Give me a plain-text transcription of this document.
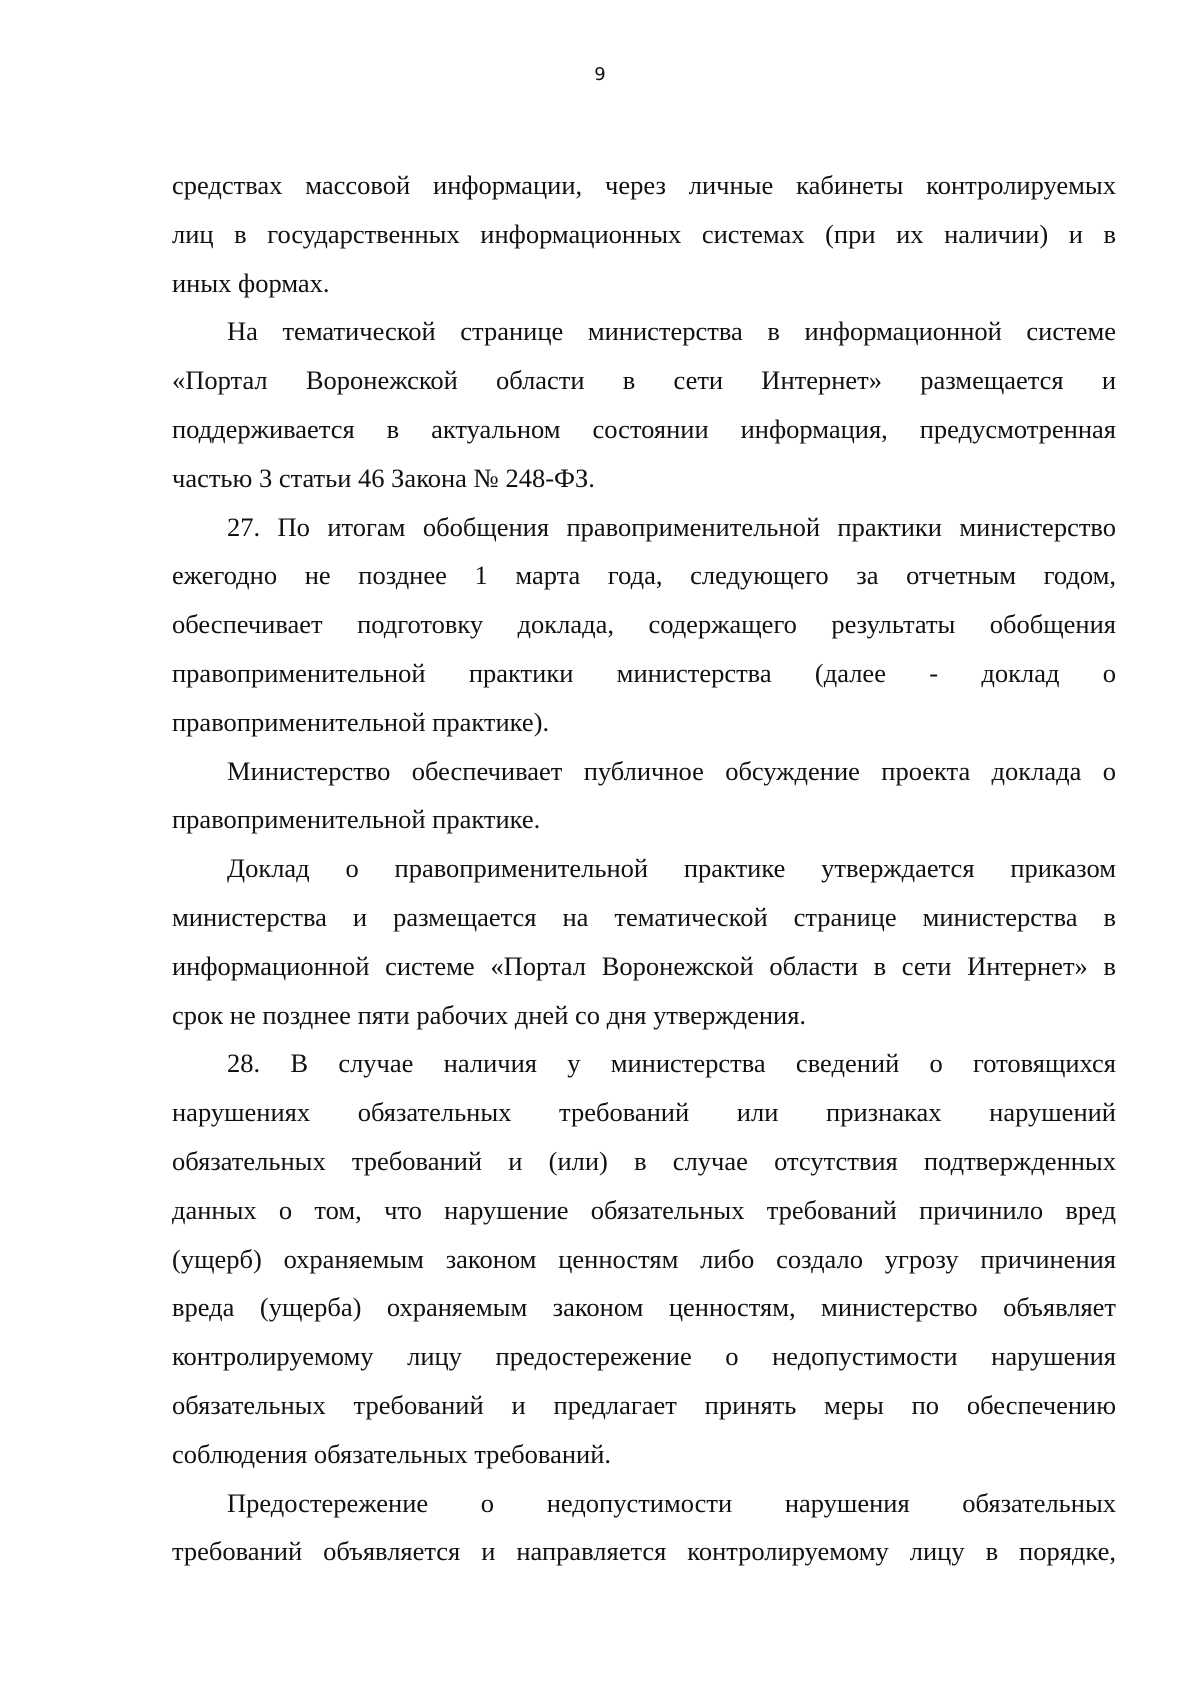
9
средствах массовой информации, через личные кабинеты контролируемых
лиц в государственных информационных системах (при их наличии) и в
иных формах.
На тематической странице министерства в информационной системе
«Портал Воронежской области в сети Интернет» размещается и
поддерживается в актуальном состоянии информация, предусмотренная
частью 3 статьи 46 Закона № 248-ФЗ.
27. По итогам обобщения правоприменительной практики министерство
ежегодно не позднее 1 марта года, следующего за отчетным годом,
обеспечивает подготовку доклада, содержащего результаты обобщения
правоприменительной практики министерства (далее - доклад о
правоприменительной практике).
Министерство обеспечивает публичное обсуждение проекта доклада о
правоприменительной практике.
Доклад о правоприменительной практике утверждается приказом
министерства и размещается на тематической странице министерства в
информационной системе «Портал Воронежской области в сети Интернет» в
срок не позднее пяти рабочих дней со дня утверждения.
28. В случае наличия у министерства сведений о готовящихся
нарушениях обязательных требований или признаках нарушений
обязательных требований и (или) в случае отсутствия подтвержденных
данных о том, что нарушение обязательных требований причинило вред
(ущерб) охраняемым законом ценностям либо создало угрозу причинения
вреда (ущерба) охраняемым законом ценностям, министерство объявляет
контролируемому лицу предостережение о недопустимости нарушения
обязательных требований и предлагает принять меры по обеспечению
соблюдения обязательных требований.
Предостережение о недопустимости нарушения обязательных
требований объявляется и направляется контролируемому лицу в порядке,
